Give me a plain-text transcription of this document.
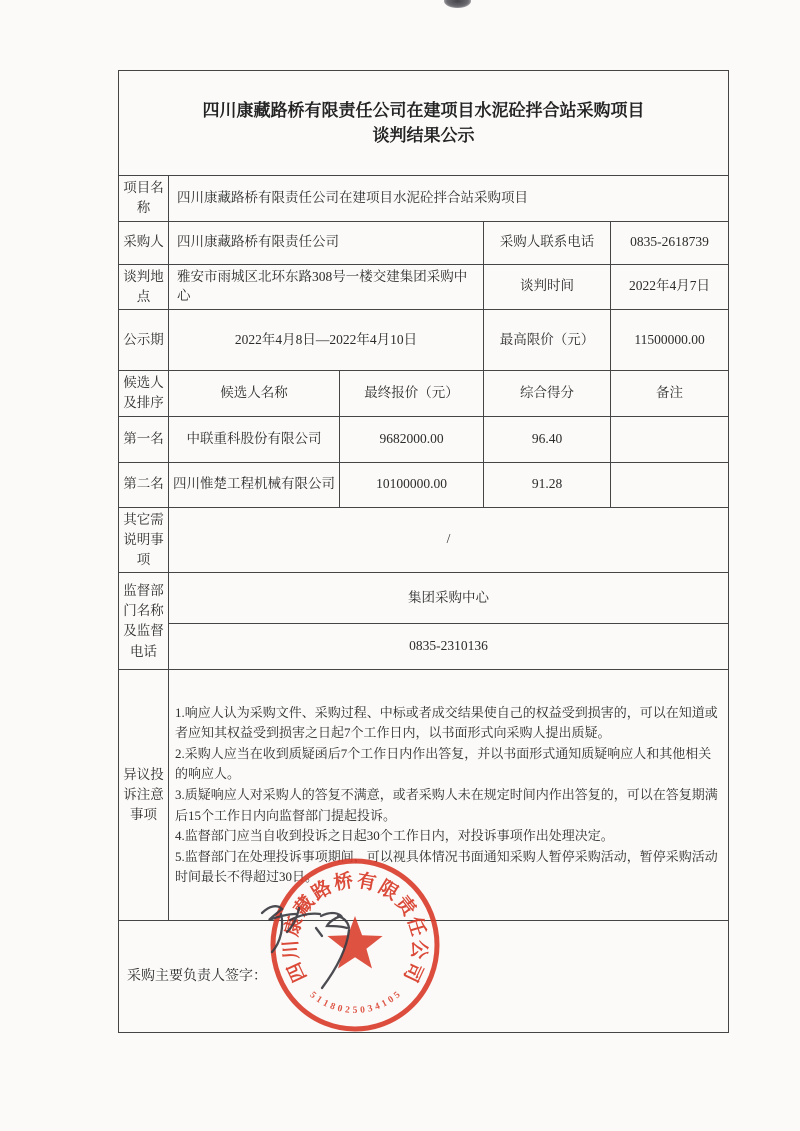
四川康藏路桥有限责任公司在建项目水泥砼拌合站采购项目
谈判结果公示				

项目名称	四川康藏路桥有限责任公司在建项目水泥砼拌合站采购项目			
采购人	四川康藏路桥有限责任公司		采购人联系电话	0835-2618739
谈判地点	雅安市雨城区北环东路308号一楼交建集团采购中心		谈判时间	2022年4月7日
公示期	2022年4月8日—2022年4月10日		最高限价（元）	11500000.00
候选人及排序	候选人名称	最终报价（元）	综合得分	备注
第一名	中联重科股份有限公司	9682000.00	96.40	
第二名	四川惟楚工程机械有限公司	10100000.00	91.28	
其它需说明事项	/			
监督部门名称及监督电话	集团采购中心			
	0835-2310136			
异议投诉注意事项	1.响应人认为采购文件、采购过程、中标或者成交结果使自己的权益受到损害的，可以在知道或者应知其权益受到损害之日起7个工作日内，以书面形式向采购人提出质疑。
2.采购人应当在收到质疑函后7个工作日内作出答复，并以书面形式通知质疑响应人和其他相关的响应人。
3.质疑响应人对采购人的答复不满意，或者采购人未在规定时间内作出答复的，可以在答复期满后15个工作日内向监督部门提起投诉。
4.监督部门应当自收到投诉之日起30个工作日内，对投诉事项作出处理决定。
5.监督部门在处理投诉事项期间，可以视具体情况书面通知采购人暂停采购活动，暂停采购活动时间最长不得超过30日。			

采购主要负责人签字：				四
川
康
藏
路
桥 有
限
责
任
公
司
5
1
1
8 0 2 5 0 3 4
1
0
5
